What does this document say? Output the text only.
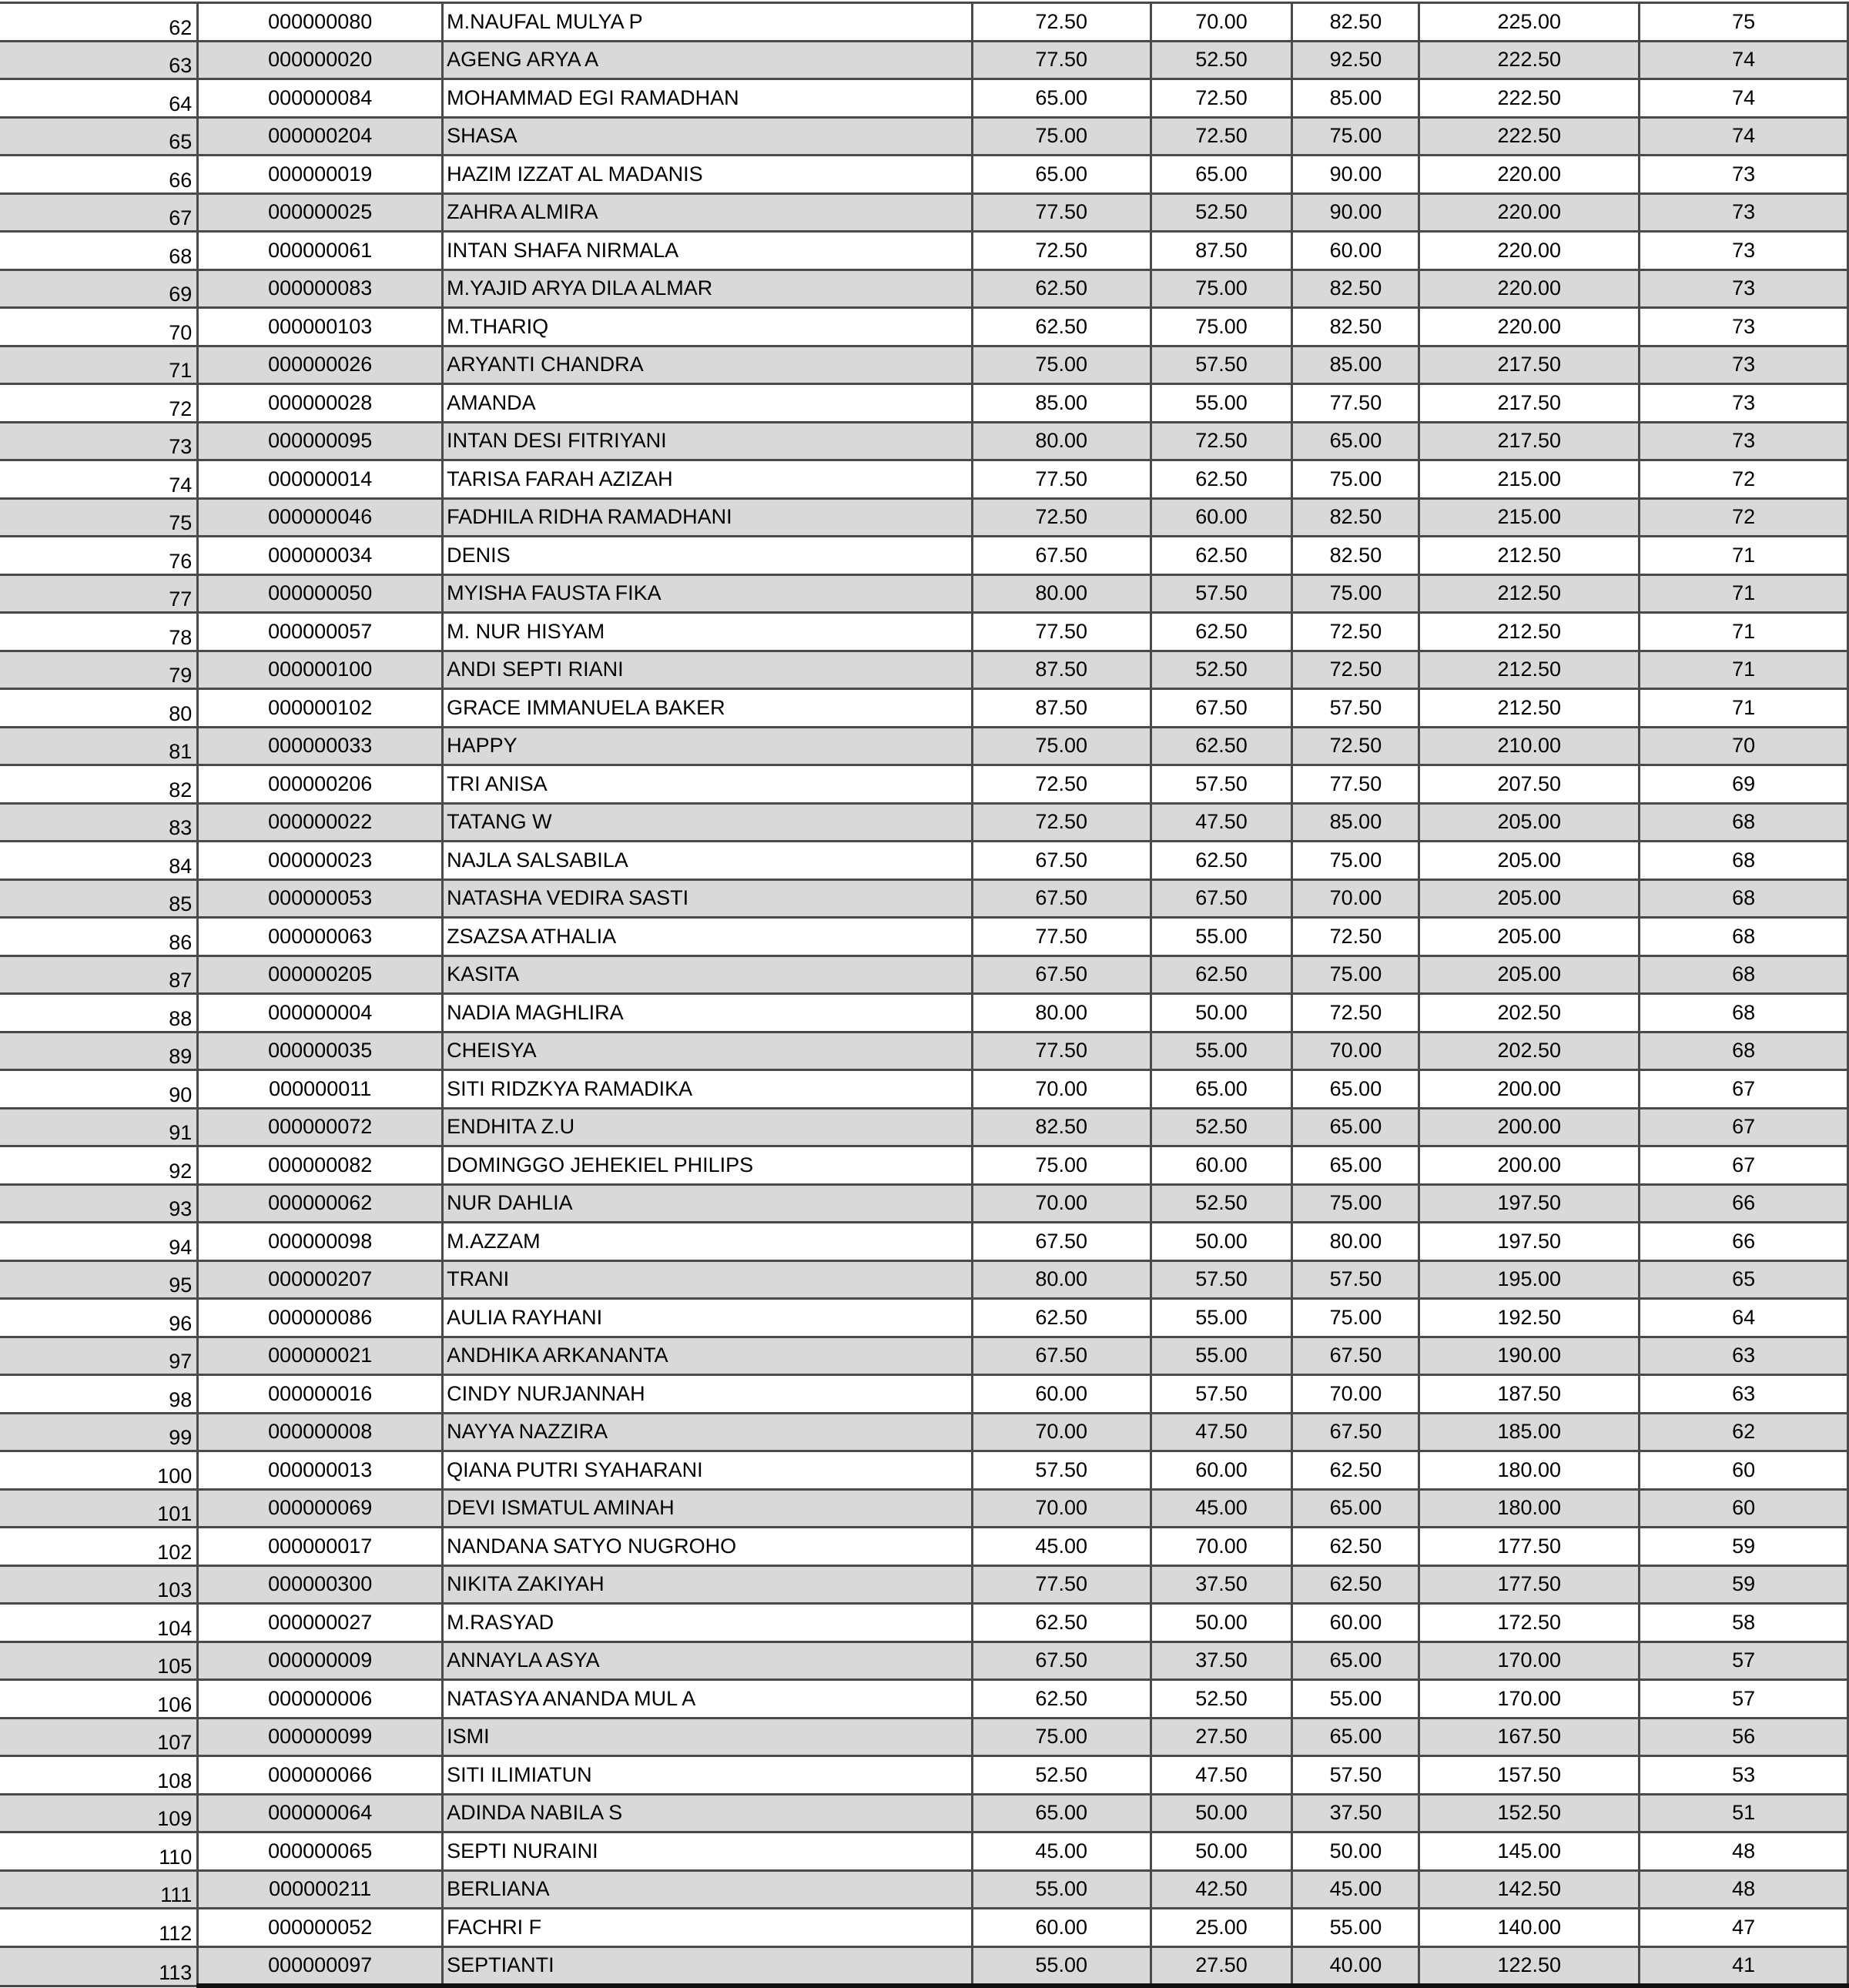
62	000000080	M.NAUFAL MULYA P	72.50	70.00	82.50	225.00	75
63	000000020	AGENG ARYA A	77.50	52.50	92.50	222.50	74
64	000000084	MOHAMMAD EGI RAMADHAN	65.00	72.50	85.00	222.50	74
65	000000204	SHASA	75.00	72.50	75.00	222.50	74
66	000000019	HAZIM IZZAT AL MADANIS	65.00	65.00	90.00	220.00	73
67	000000025	ZAHRA ALMIRA	77.50	52.50	90.00	220.00	73
68	000000061	INTAN SHAFA NIRMALA	72.50	87.50	60.00	220.00	73
69	000000083	M.YAJID ARYA DILA ALMAR	62.50	75.00	82.50	220.00	73
70	000000103	M.THARIQ	62.50	75.00	82.50	220.00	73
71	000000026	ARYANTI CHANDRA	75.00	57.50	85.00	217.50	73
72	000000028	AMANDA	85.00	55.00	77.50	217.50	73
73	000000095	INTAN DESI FITRIYANI	80.00	72.50	65.00	217.50	73
74	000000014	TARISA FARAH AZIZAH	77.50	62.50	75.00	215.00	72
75	000000046	FADHILA RIDHA RAMADHANI	72.50	60.00	82.50	215.00	72
76	000000034	DENIS	67.50	62.50	82.50	212.50	71
77	000000050	MYISHA FAUSTA FIKA	80.00	57.50	75.00	212.50	71
78	000000057	M. NUR HISYAM	77.50	62.50	72.50	212.50	71
79	000000100	ANDI SEPTI RIANI	87.50	52.50	72.50	212.50	71
80	000000102	GRACE IMMANUELA BAKER	87.50	67.50	57.50	212.50	71
81	000000033	HAPPY	75.00	62.50	72.50	210.00	70
82	000000206	TRI ANISA	72.50	57.50	77.50	207.50	69
83	000000022	TATANG W	72.50	47.50	85.00	205.00	68
84	000000023	NAJLA SALSABILA	67.50	62.50	75.00	205.00	68
85	000000053	NATASHA VEDIRA SASTI	67.50	67.50	70.00	205.00	68
86	000000063	ZSAZSA ATHALIA	77.50	55.00	72.50	205.00	68
87	000000205	KASITA	67.50	62.50	75.00	205.00	68
88	000000004	NADIA MAGHLIRA	80.00	50.00	72.50	202.50	68
89	000000035	CHEISYA	77.50	55.00	70.00	202.50	68
90	000000011	SITI RIDZKYA RAMADIKA	70.00	65.00	65.00	200.00	67
91	000000072	ENDHITA Z.U	82.50	52.50	65.00	200.00	67
92	000000082	DOMINGGO JEHEKIEL PHILIPS	75.00	60.00	65.00	200.00	67
93	000000062	NUR DAHLIA	70.00	52.50	75.00	197.50	66
94	000000098	M.AZZAM	67.50	50.00	80.00	197.50	66
95	000000207	TRANI	80.00	57.50	57.50	195.00	65
96	000000086	AULIA RAYHANI	62.50	55.00	75.00	192.50	64
97	000000021	ANDHIKA ARKANANTA	67.50	55.00	67.50	190.00	63
98	000000016	CINDY NURJANNAH	60.00	57.50	70.00	187.50	63
99	000000008	NAYYA NAZZIRA	70.00	47.50	67.50	185.00	62
100	000000013	QIANA PUTRI SYAHARANI	57.50	60.00	62.50	180.00	60
101	000000069	DEVI ISMATUL AMINAH	70.00	45.00	65.00	180.00	60
102	000000017	NANDANA SATYO NUGROHO	45.00	70.00	62.50	177.50	59
103	000000300	NIKITA ZAKIYAH	77.50	37.50	62.50	177.50	59
104	000000027	M.RASYAD	62.50	50.00	60.00	172.50	58
105	000000009	ANNAYLA ASYA	67.50	37.50	65.00	170.00	57
106	000000006	NATASYA ANANDA MUL A	62.50	52.50	55.00	170.00	57
107	000000099	ISMI	75.00	27.50	65.00	167.50	56
108	000000066	SITI ILIMIATUN	52.50	47.50	57.50	157.50	53
109	000000064	ADINDA NABILA S	65.00	50.00	37.50	152.50	51
110	000000065	SEPTI NURAINI	45.00	50.00	50.00	145.00	48
111	000000211	BERLIANA	55.00	42.50	45.00	142.50	48
112	000000052	FACHRI F	60.00	25.00	55.00	140.00	47
113	000000097	SEPTIANTI	55.00	27.50	40.00	122.50	41
